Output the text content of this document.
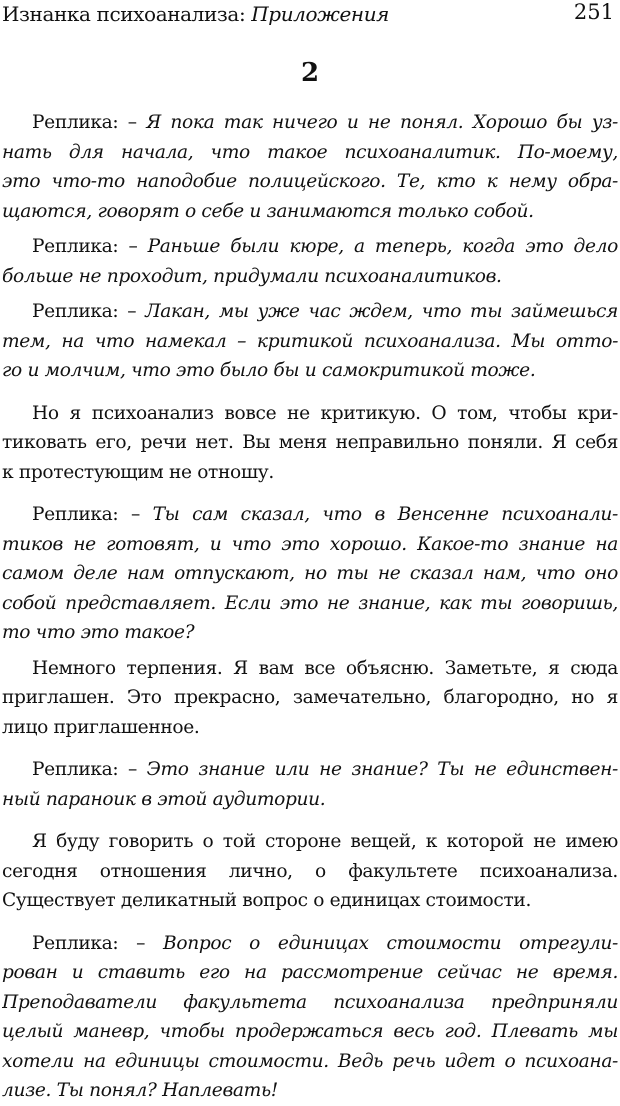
Изнанка психоанализа: Приложения	251
2
Реплика: – Я пока так ничего и не понял. Хорошо бы уз-
нать для начала, что такое психоаналитик. По-моему,
это что-то наподобие полицейского. Те, кто к нему обра-
щаются, говорят о себе и занимаются только собой.
Реплика: – Раньше были кюре, а теперь, когда это дело
больше не проходит, придумали психоаналитиков.
Реплика: – Лакан, мы уже час ждем, что ты займешься
тем, на что намекал – критикой психоанализа. Мы отто-
го и молчим, что это было бы и самокритикой тоже.
Но я психоанализ вовсе не критикую. О том, чтобы кри-
тиковать его, речи нет. Вы меня неправильно поняли. Я себя
к протестующим не отношу.
Реплика: – Ты сам сказал, что в Венсенне психоанали-
тиков не готовят, и что это хорошо. Какое-то знание на
самом деле нам отпускают, но ты не сказал нам, что оно
собой представляет. Если это не знание, как ты говоришь,
то что это такое?
Немного терпения. Я вам все объясню. Заметьте, я сюда
приглашен. Это прекрасно, замечательно, благородно, но я
лицо приглашенное.
Реплика: – Это знание или не знание? Ты не единствен-
ный параноик в этой аудитории.
Я буду говорить о той стороне вещей, к которой не имею
сегодня отношения лично, о факультете психоанализа.
Существует деликатный вопрос о единицах стоимости.
Реплика: – Вопрос о единицах стоимости отрегули-
рован и ставить его на рассмотрение сейчас не время.
Преподаватели факультета психоанализа предприняли
целый маневр, чтобы продержаться весь год. Плевать мы
хотели на единицы стоимости. Ведь речь идет о психоана-
лизе. Ты понял? Наплевать!
